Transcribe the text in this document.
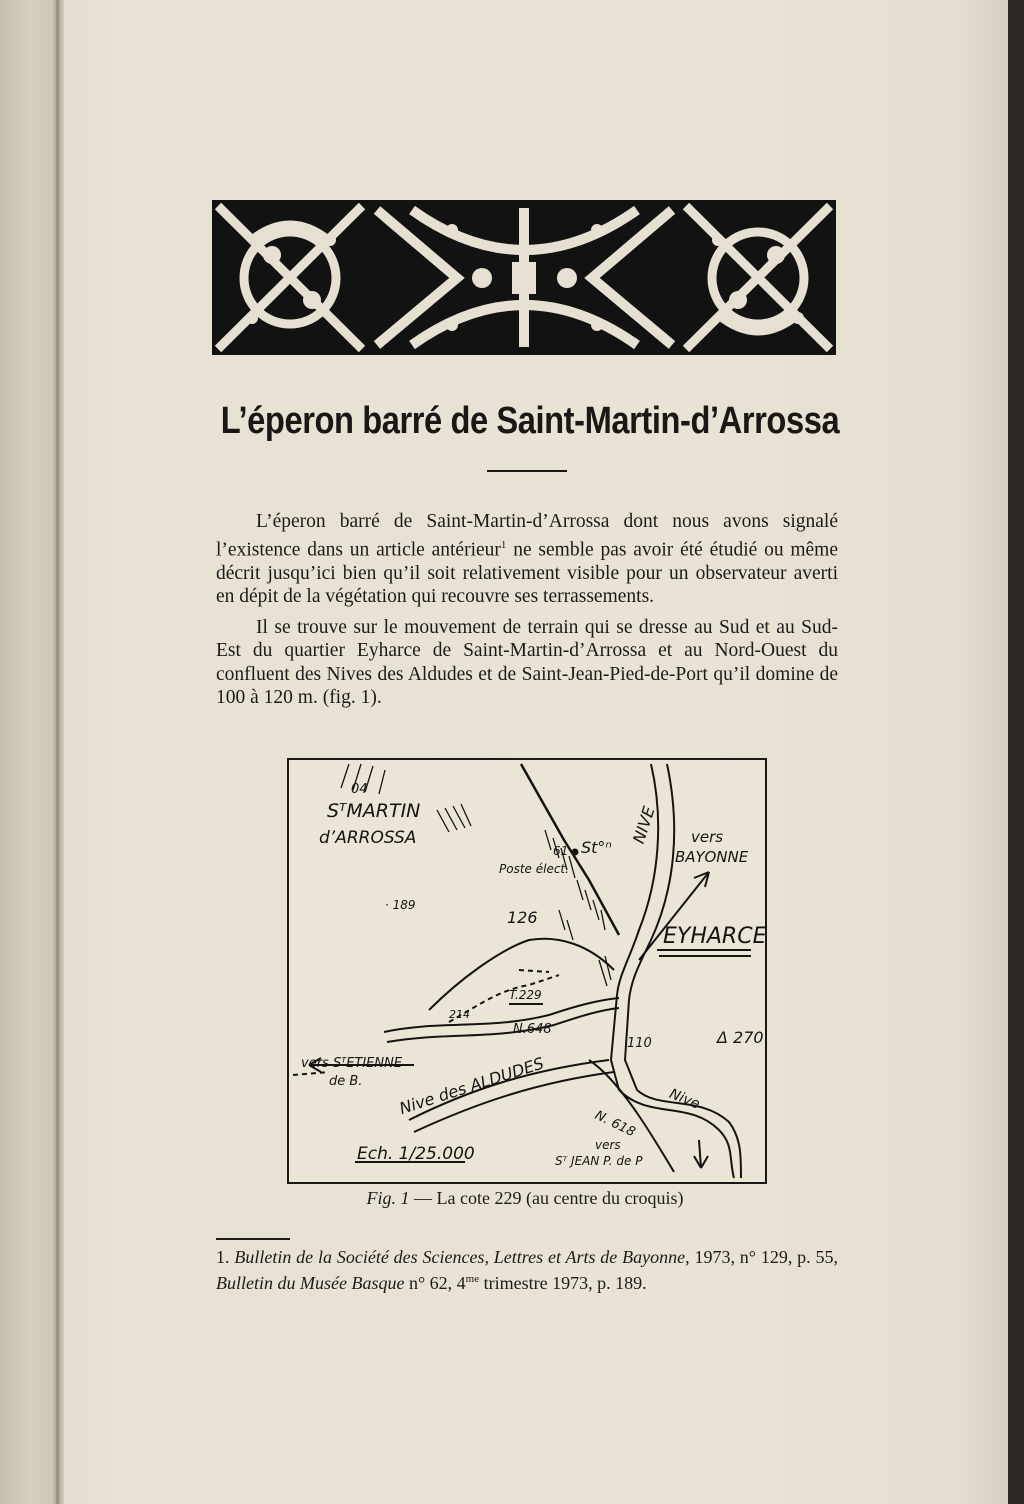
L’éperon barré de Saint-Martin-d’Arrossa

L’éperon barré de Saint-Martin-d’Arrossa dont nous avons signalé l’existence dans un article antérieur$^1$ ne semble pas avoir été étudié ou même décrit jusqu’ici bien qu’il soit relativement visible pour un observateur averti en dépit de la végétation qui recouvre ses terrassements.

Il se trouve sur le mouvement de terrain qui se dresse au Sud et au Sud-Est du quartier Eyharce de Saint-Martin-d’Arrossa et au Nord-Ouest du confluent des Nives des Aldudes et de Saint-Jean-Pied-de-Port qu’il domine de 100 à 120 m. (fig. 1).

04
SᵀMARTIN
d’ARROSSA
61 St°ⁿ
Poste élect.
NIVE vers
BAYONNE
· 189
126
EYHARCE
T.229
214
N.648
110	Δ 270
vers SᵀETIENNE
de B. Nive des ALDUDES	Nive
N. 618
vers
Sᵀ JEAN P. de P
Ech. 1/25.000
Fig. 1 — La cote 229 (au centre du croquis)
1. Bulletin de la Société des Sciences, Lettres et Arts de Bayonne, 1973, n° 129, p. 55, Bulletin du Musée Basque n° 62, $4^{me}$ trimestre 1973, p. 189.
